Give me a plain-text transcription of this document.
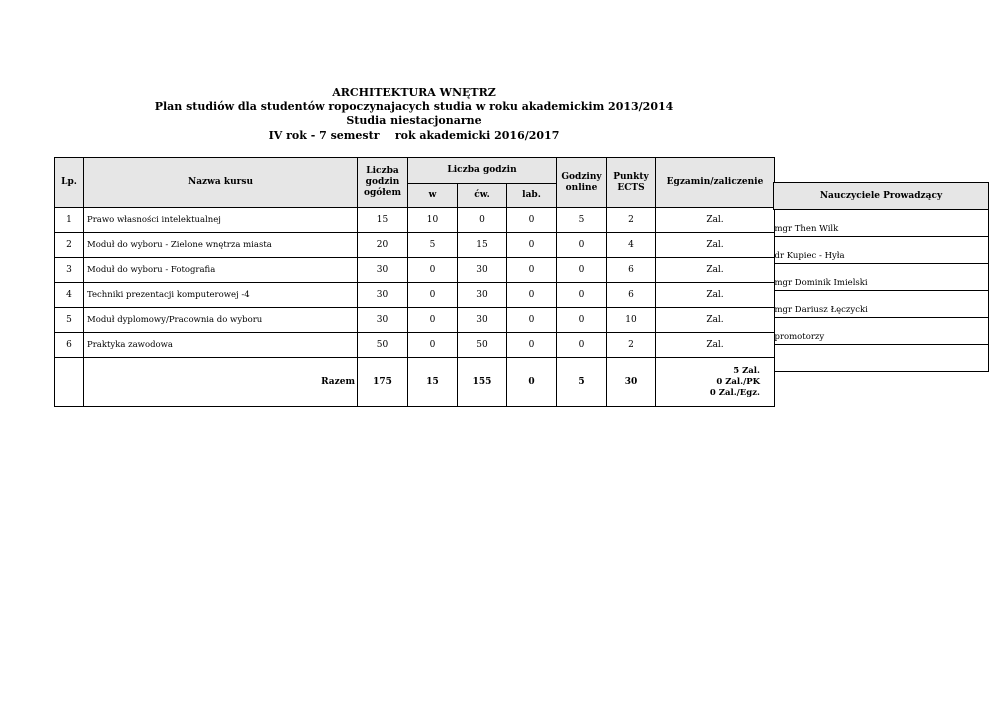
ARCHITEKTURA WNĘTRZ
Plan studiów dla studentów ropoczynajacych studia w roku akademickim 2013/2014
Studia niestacjonarne
IV rok - 7 semestr    rok akademicki 2016/2017
Lp.	Nazwa kursu	Liczba godzin ogółem	Liczba godzin			Godziny online	Punkty ECTS	Egzamin/zaliczenie
			w	ćw.	lab.			
1	Prawo własności intelektualnej	15	10	0	0	5	2	Zal.
2	Moduł do wyboru - Zielone wnętrza miasta	20	5	15	0	0	4	Zal.
3	Moduł do wyboru - Fotografia	30	0	30	0	0	6	Zal.
4	Techniki prezentacji komputerowej -4	30	0	30	0	0	6	Zal.
5	Moduł dyplomowy/Pracownia do wyboru	30	0	30	0	0	10	Zal.
6	Praktyka zawodowa	50	0	50	0	0	2	Zal.
	Razem	175	15	155	0	5	30	5 Zal.
0 Zal./PK
0 Zal./Egz.
Nauczyciele Prowadzący
mgr Then Wilk
dr Kupiec - Hyła
mgr Dominik Imielski
mgr Dariusz Łęczycki
promotorzy
